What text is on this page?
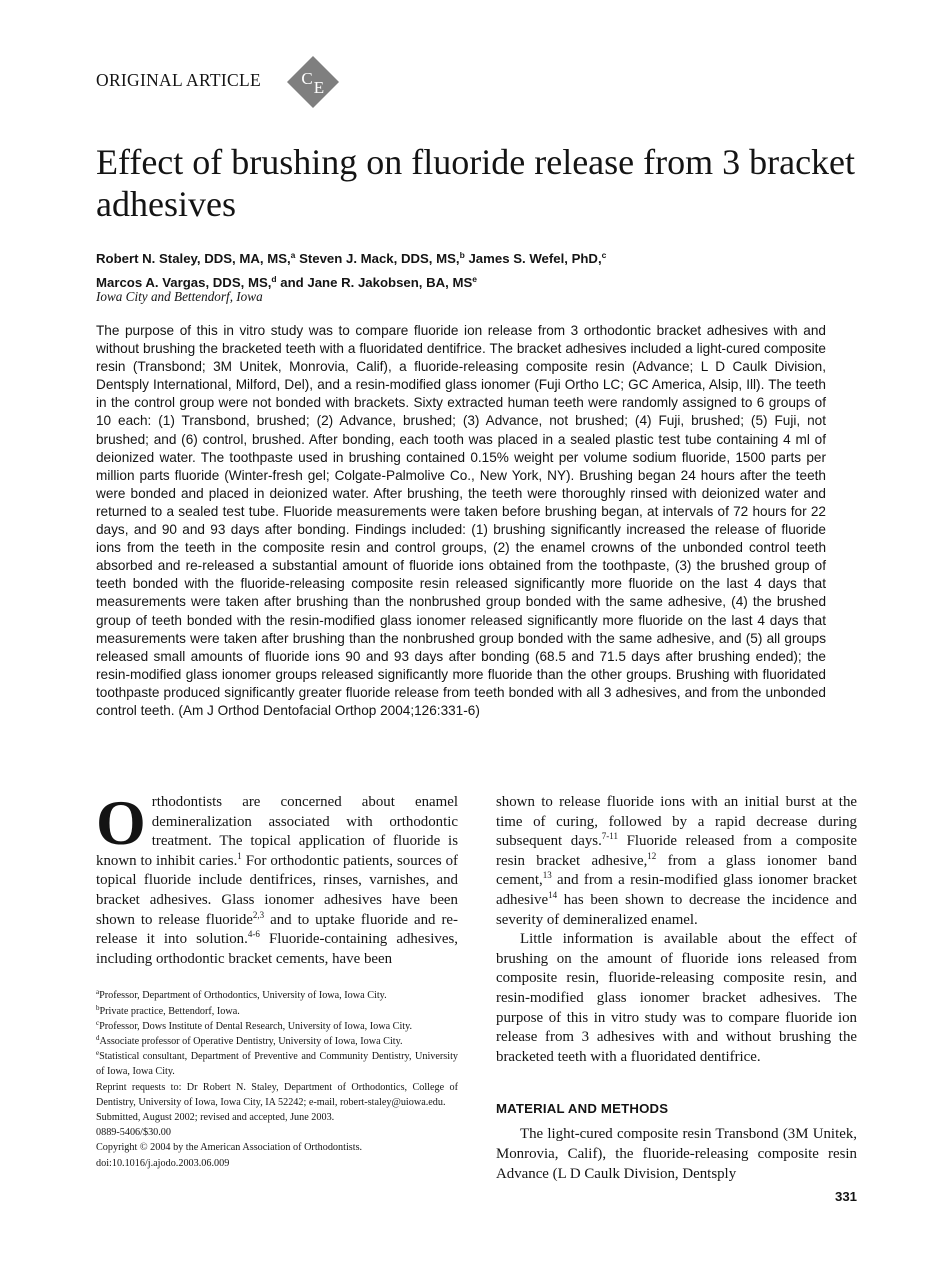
ORIGINAL ARTICLE C E
Effect of brushing on fluoride release from 3 bracket adhesives
Robert N. Staley, DDS, MA, MS,$^a$ Steven J. Mack, DDS, MS,$^b$ James S. Wefel, PhD,$^c$
Marcos A. Vargas, DDS, MS,$^d$ and Jane R. Jakobsen, BA, $MS^e$
Iowa City and Bettendorf, Iowa

The purpose of this in vitro study was to compare fluoride ion release from 3 orthodontic bracket adhesives with and without brushing the bracketed teeth with a fluoridated dentifrice. The bracket adhesives included a light-cured composite resin (Transbond; 3M Unitek, Monrovia, Calif), a fluoride-releasing composite resin (Advance; L D Caulk Division, Dentsply International, Milford, Del), and a resin-modified glass ionomer (Fuji Ortho LC; GC America, Alsip, Ill). The teeth in the control group were not bonded with brackets. Sixty extracted human teeth were randomly assigned to 6 groups of 10 each: (1) Transbond, brushed; (2) Advance, brushed; (3) Advance, not brushed; (4) Fuji, brushed; (5) Fuji, not brushed; and (6) control, brushed. After bonding, each tooth was placed in a sealed plastic test tube containing 4 ml of deionized water. The toothpaste used in brushing contained 0.15% weight per volume sodium fluoride, 1500 parts per million parts fluoride (Winter-fresh gel; Colgate-Palmolive Co., New York, NY). Brushing began 24 hours after the teeth were bonded and placed in deionized water. After brushing, the teeth were thoroughly rinsed with deionized water and returned to a sealed test tube. Fluoride measurements were taken before brushing began, at intervals of 72 hours for 22 days, and 90 and 93 days after bonding. Findings included: (1) brushing significantly increased the release of fluoride ions from the teeth in the composite resin and control groups, (2) the enamel crowns of the unbonded control teeth absorbed and re-released a substantial amount of fluoride ions obtained from the toothpaste, (3) the brushed group of teeth bonded with the fluoride-releasing composite resin released significantly more fluoride on the last 4 days that measurements were taken after brushing than the nonbrushed group bonded with the same adhesive, (4) the brushed group of teeth bonded with the resin-modified glass ionomer released significantly more fluoride on the last 4 days that measurements were taken after brushing than the nonbrushed group bonded with the same adhesive, and (5) all groups released small amounts of fluoride ions 90 and 93 days after bonding (68.5 and 71.5 days after brushing ended); the resin-modified glass ionomer groups released significantly more fluoride than the other groups. Brushing with fluoridated toothpaste produced significantly greater fluoride release from teeth bonded with all 3 adhesives, and from the unbonded control teeth. (Am J Orthod Dentofacial Orthop 2004;126:331-6)

Orthodontists are concerned about enamel demineralization associated with orthodontic treatment. The topical application of fluoride is known to inhibit caries.$^1$ For orthodontic patients, sources of topical fluoride include dentifrices, rinses, varnishes, and bracket adhesives. Glass ionomer adhesives have been shown to release fluoride$^{2,3}$ and to uptake fluoride and re-release it into solution.$^{4-6}$ Fluoride-containing adhesives, including orthodontic bracket cements, have been

$^a$Professor, Department of Orthodontics, University of Iowa, Iowa City.

$^b$Private practice, Bettendorf, Iowa.

$^c$Professor, Dows Institute of Dental Research, University of Iowa, Iowa City.

$^d$Associate professor of Operative Dentistry, University of Iowa, Iowa City.

$^e$Statistical consultant, Department of Preventive and Community Dentistry, University of Iowa, Iowa City.

Reprint requests to: Dr Robert N. Staley, Department of Orthodontics, College of Dentistry, University of Iowa, Iowa City, IA 52242; e-mail, robert-staley@uiowa.edu.

Submitted, August 2002; revised and accepted, June 2003.

0889-5406/$30.00

Copyright © 2004 by the American Association of Orthodontists.

doi:10.1016/j.ajodo.2003.06.009

shown to release fluoride ions with an initial burst at the time of curing, followed by a rapid decrease during subsequent days.$^{7-11}$ Fluoride released from a composite resin bracket adhesive,$^{12}$ from a glass ionomer band cement,$^{13}$ and from a resin-modified glass ionomer bracket adhesive$^{14}$ has been shown to decrease the incidence and severity of demineralized enamel.

Little information is available about the effect of brushing on the amount of fluoride ions released from composite resin, fluoride-releasing composite resin, and resin-modified glass ionomer bracket adhesives. The purpose of this in vitro study was to compare fluoride ion release from 3 adhesives with and without brushing the bracketed teeth with a fluoridated dentifrice.

MATERIAL AND METHODS

The light-cured composite resin Transbond (3M Unitek, Monrovia, Calif), the fluoride-releasing composite resin Advance (L D Caulk Division, Dentsply

331
